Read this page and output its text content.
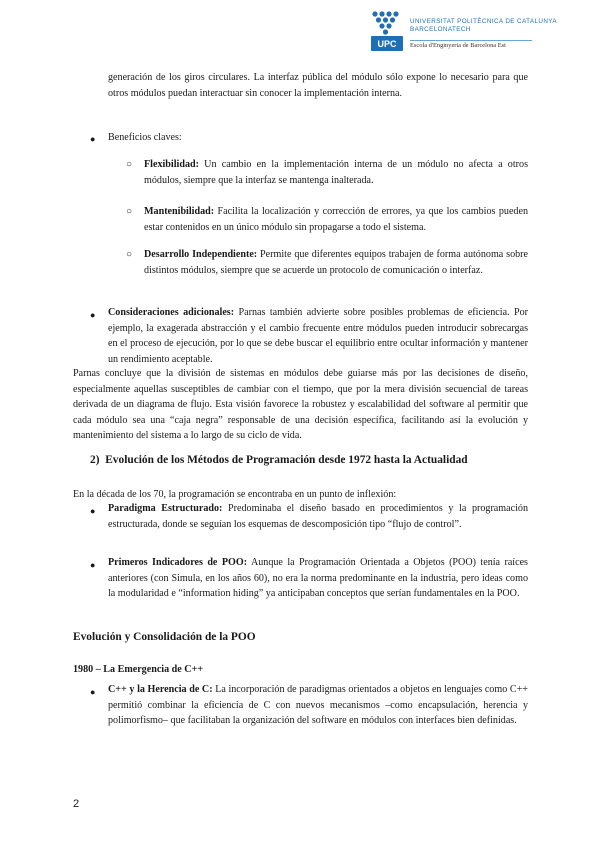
UPC
UNIVERSITAT POLITÈCNICA DE CATALUNYA
BARCELONATECH
Escola d'Enginyeria de Barcelona Est
generación de los giros circulares. La interfaz pública del módulo sólo expone lo necesario para que otros módulos puedan interactuar sin conocer la implementación interna.
● Beneficios claves:
○ Flexibilidad: Un cambio en la implementación interna de un módulo no afecta a otros módulos, siempre que la interfaz se mantenga inalterada.
○ Mantenibilidad: Facilita la localización y corrección de errores, ya que los cambios pueden estar contenidos en un único módulo sin propagarse a todo el sistema.
○ Desarrollo Independiente: Permite que diferentes equipos trabajen de forma autónoma sobre distintos módulos, siempre que se acuerde un protocolo de comunicación o interfaz.
● Consideraciones adicionales: Parnas también advierte sobre posibles problemas de eficiencia. Por ejemplo, la exagerada abstracción y el cambio frecuente entre módulos pueden introducir sobrecargas en el proceso de ejecución, por lo que se debe buscar el equilibrio entre ocultar información y mantener un rendimiento aceptable.
Parnas concluye que la división de sistemas en módulos debe guiarse más por las decisiones de diseño, especialmente aquellas susceptibles de cambiar con el tiempo, que por la mera división secuencial de tareas derivada de un diagrama de flujo. Esta visión favorece la robustez y escalabilidad del software al permitir que cada módulo sea una “caja negra” responsable de una decisión específica, facilitando así la evolución y mantenimiento del sistema a lo largo de su ciclo de vida.
2) Evolución de los Métodos de Programación desde 1972 hasta la Actualidad
En la década de los 70, la programación se encontraba en un punto de inflexión:
● Paradigma Estructurado: Predominaba el diseño basado en procedimientos y la programación estructurada, donde se seguían los esquemas de descomposición tipo “flujo de control”.
● Primeros Indicadores de POO: Aunque la Programación Orientada a Objetos (POO) tenía raíces anteriores (con Simula, en los años 60), no era la norma predominante en la industria, pero ideas como la modularidad e “information hiding” ya anticipaban conceptos que serían fundamentales en la POO.
Evolución y Consolidación de la POO
1980 – La Emergencia de C++
● C++ y la Herencia de C: La incorporación de paradigmas orientados a objetos en lenguajes como C++ permitió combinar la eficiencia de C con nuevos mecanismos –como encapsulación, herencia y polimorfismo– que facilitaban la organización del software en módulos con interfaces bien definidas.
2
